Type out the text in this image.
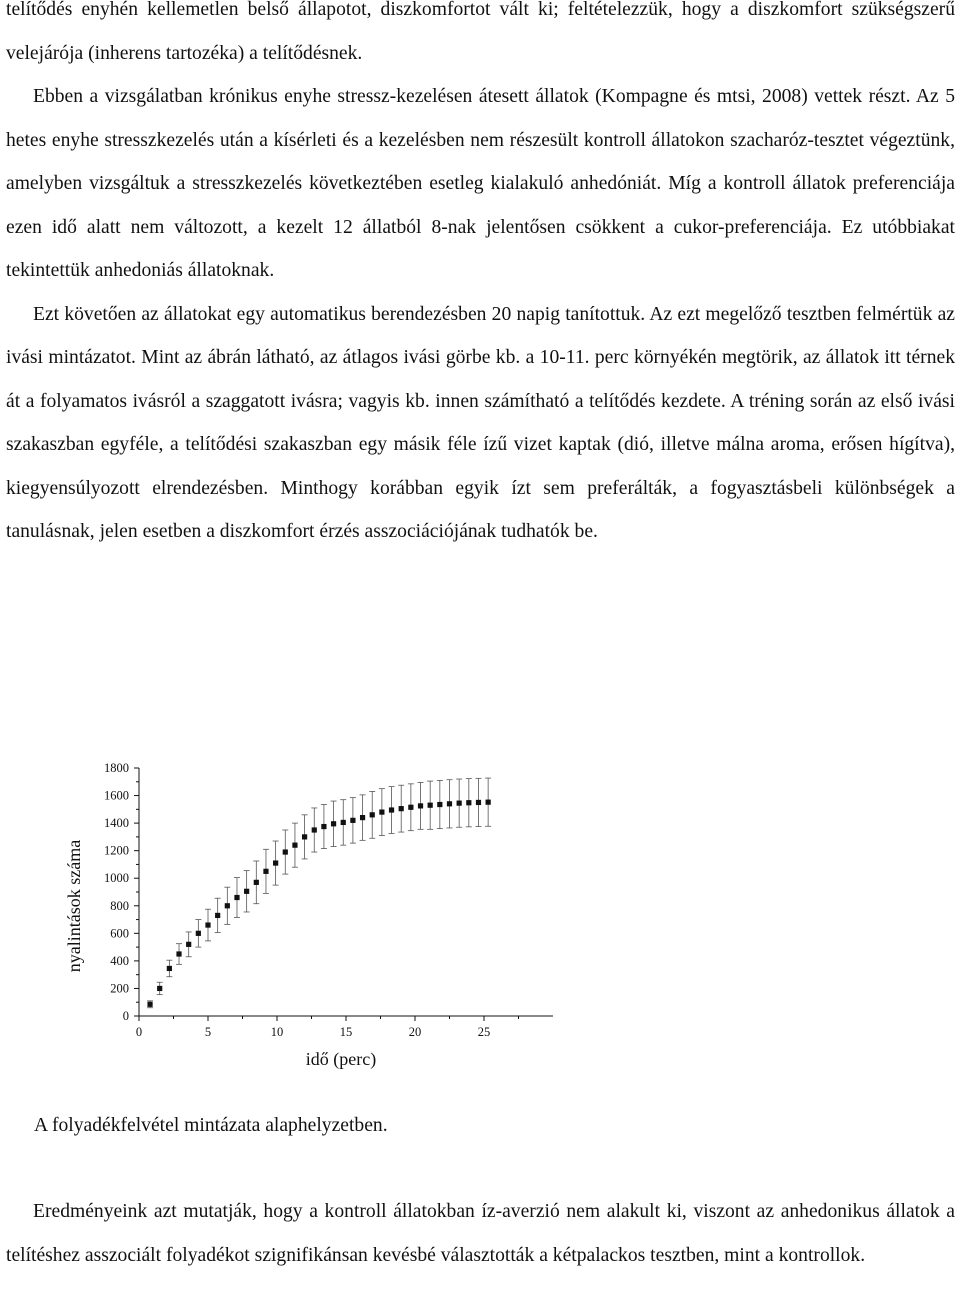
telítődés enyhén kellemetlen belső állapotot, diszkomfortot vált ki; feltételezzük, hogy a diszkomfort szükségszerű velejárója (inherens tartozéka) a telítődésnek.

Ebben a vizsgálatban krónikus enyhe stressz-kezelésen átesett állatok (Kompagne és mtsi, 2008) vettek részt. Az 5 hetes enyhe stresszkezelés után a kísérleti és a kezelésben nem részesült kontroll állatokon szacharóz-tesztet végeztünk, amelyben vizsgáltuk a stresszkezelés következtében esetleg kialakuló anhedóniát. Míg a kontroll állatok preferenciája ezen idő alatt nem változott, a kezelt 12 állatból 8-nak jelentősen csökkent a cukor-preferenciája. Ez utóbbiakat tekintettük anhedoniás állatoknak.

Ezt követően az állatokat egy automatikus berendezésben 20 napig tanítottuk. Az ezt megelőző tesztben felmértük az ivási mintázatot. Mint az ábrán látható, az átlagos ivási görbe kb. a 10-11. perc környékén megtörik, az állatok itt térnek át a folyamatos ivásról a szaggatott ivásra; vagyis kb. innen számítható a telítődés kezdete. A tréning során az első ivási szakaszban egyféle, a telítődési szakaszban egy másik féle ízű vizet kaptak (dió, illetve málna aroma, erősen hígítva), kiegyensúlyozott elrendezésben. Minthogy korábban egyik ízt sem preferálták, a fogyasztásbeli különbségek a tanulásnak, jelen esetben a diszkomfort érzés asszociációjának tudhatók be.

0
200
400
600
800
1000
1200
1400
1600
1800
0	5	10	15	20	25
nyalintások száma
idő (perc)

A folyadékfelvétel mintázata alaphelyzetben.

Eredményeink azt mutatják, hogy a kontroll állatokban íz-averzió nem alakult ki, viszont az anhedonikus állatok a telítéshez asszociált folyadékot szignifikánsan kevésbé választották a kétpalackos tesztben, mint a kontrollok.
